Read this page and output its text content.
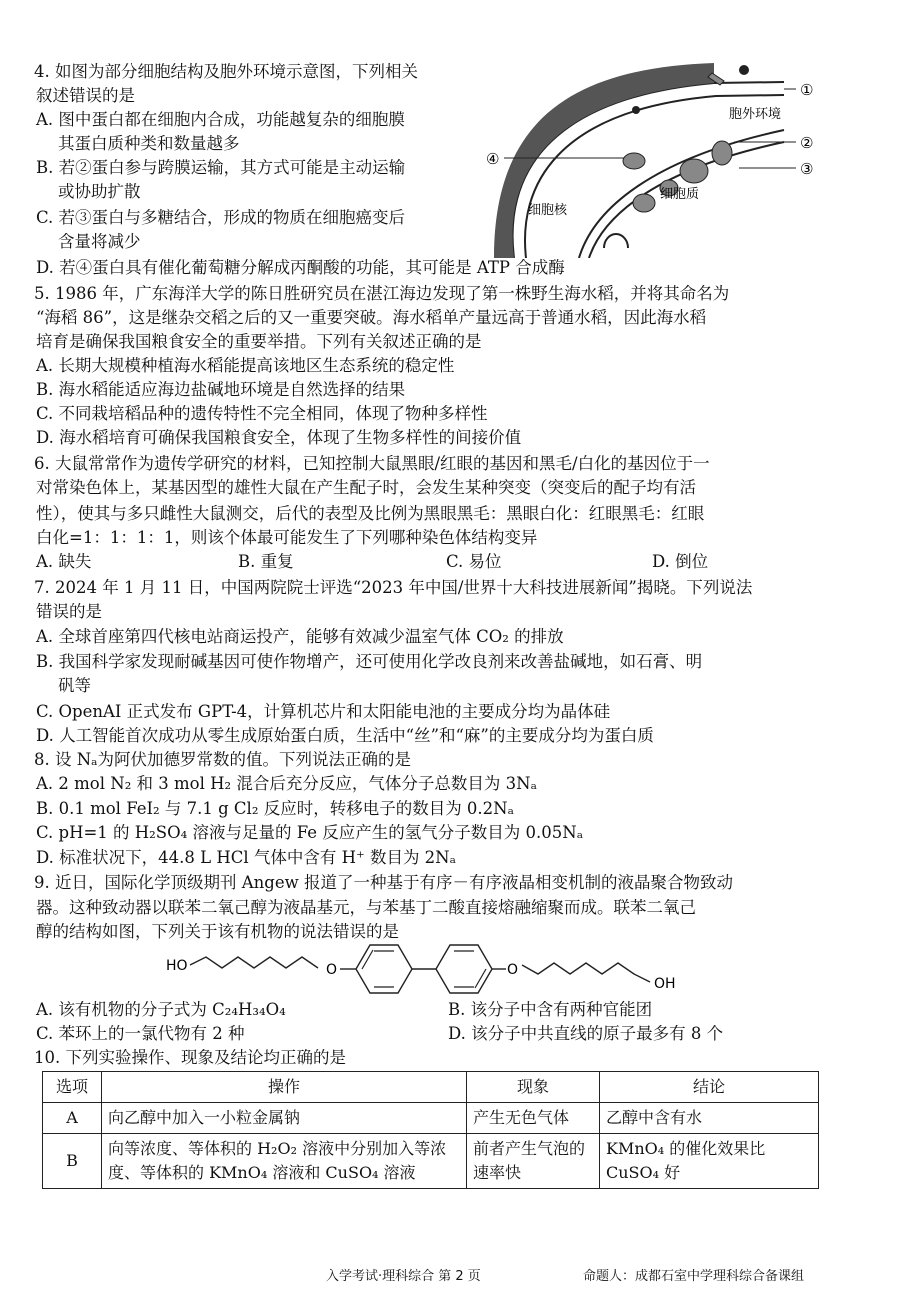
4. 如图为部分细胞结构及胞外环境示意图，下列相关
叙述错误的是
A. 图中蛋白都在细胞内合成，功能越复杂的细胞膜
其蛋白质种类和数量越多
B. 若②蛋白参与跨膜运输，其方式可能是主动运输
或协助扩散
C. 若③蛋白与多糖结合，形成的物质在细胞癌变后
含量将减少
D. 若④蛋白具有催化葡萄糖分解成丙酮酸的功能，其可能是 ATP 合成酶
①
②
③
④
胞外环境
细胞质
细胞核
5. 1986 年，广东海洋大学的陈日胜研究员在湛江海边发现了第一株野生海水稻，并将其命名为
“海稻 86”，这是继杂交稻之后的又一重要突破。海水稻单产量远高于普通水稻，因此海水稻
培育是确保我国粮食安全的重要举措。下列有关叙述正确的是
A. 长期大规模种植海水稻能提高该地区生态系统的稳定性
B. 海水稻能适应海边盐碱地环境是自然选择的结果
C. 不同栽培稻品种的遗传特性不完全相同，体现了物种多样性
D. 海水稻培育可确保我国粮食安全，体现了生物多样性的间接价值
6. 大鼠常常作为遗传学研究的材料，已知控制大鼠黑眼/红眼的基因和黑毛/白化的基因位于一
对常染色体上，某基因型的雄性大鼠在产生配子时，会发生某种突变（突变后的配子均有活
性），使其与多只雌性大鼠测交，后代的表型及比例为黑眼黑毛：黑眼白化：红眼黑毛：红眼
白化=1：1：1：1，则该个体最可能发生了下列哪种染色体结构变异
A. 缺失	B. 重复	C. 易位	D. 倒位
7. 2024 年 1 月 11 日，中国两院院士评选“2023 年中国/世界十大科技进展新闻”揭晓。下列说法
错误的是
A. 全球首座第四代核电站商运投产，能够有效减少温室气体 CO₂ 的排放
B. 我国科学家发现耐碱基因可使作物增产，还可使用化学改良剂来改善盐碱地，如石膏、明
矾等
C. OpenAI 正式发布 GPT-4，计算机芯片和太阳能电池的主要成分均为晶体硅
D. 人工智能首次成功从零生成原始蛋白质，生活中“丝”和“麻”的主要成分均为蛋白质
8. 设 Nₐ为阿伏加德罗常数的值。下列说法正确的是
A. 2 mol N₂ 和 3 mol H₂ 混合后充分反应，气体分子总数目为 3Nₐ
B. 0.1 mol FeI₂ 与 7.1 g Cl₂ 反应时，转移电子的数目为 0.2Nₐ
C. pH=1 的 H₂SO₄ 溶液与足量的 Fe 反应产生的氢气分子数目为 0.05Nₐ
D. 标准状况下，44.8 L HCl 气体中含有 H⁺ 数目为 2Nₐ
9. 近日，国际化学顶级期刊 Angew 报道了一种基于有序－有序液晶相变机制的液晶聚合物致动
器。这种致动器以联苯二氧己醇为液晶基元，与苯基丁二酸直接熔融缩聚而成。联苯二氧己
醇的结构如图，下列关于该有机物的说法错误的是
HO	O	O
OH
A. 该有机物的分子式为 C₂₄H₃₄O₄	B. 该分子中含有两种官能团
C. 苯环上的一氯代物有 2 种	D. 该分子中共直线的原子最多有 8 个
10. 下列实验操作、现象及结论均正确的是
选项	操作	现象	结论
A	向乙醇中加入一小粒金属钠	产生无色气体	乙醇中含有水
B	向等浓度、等体积的 H₂O₂ 溶液中分别加入等浓度、等体积的 KMnO₄ 溶液和 CuSO₄ 溶液	前者产生气泡的速率快	KMnO₄ 的催化效果比 CuSO₄ 好
入学考试·理科综合 第 2 页	命题人：成都石室中学理科综合备课组
